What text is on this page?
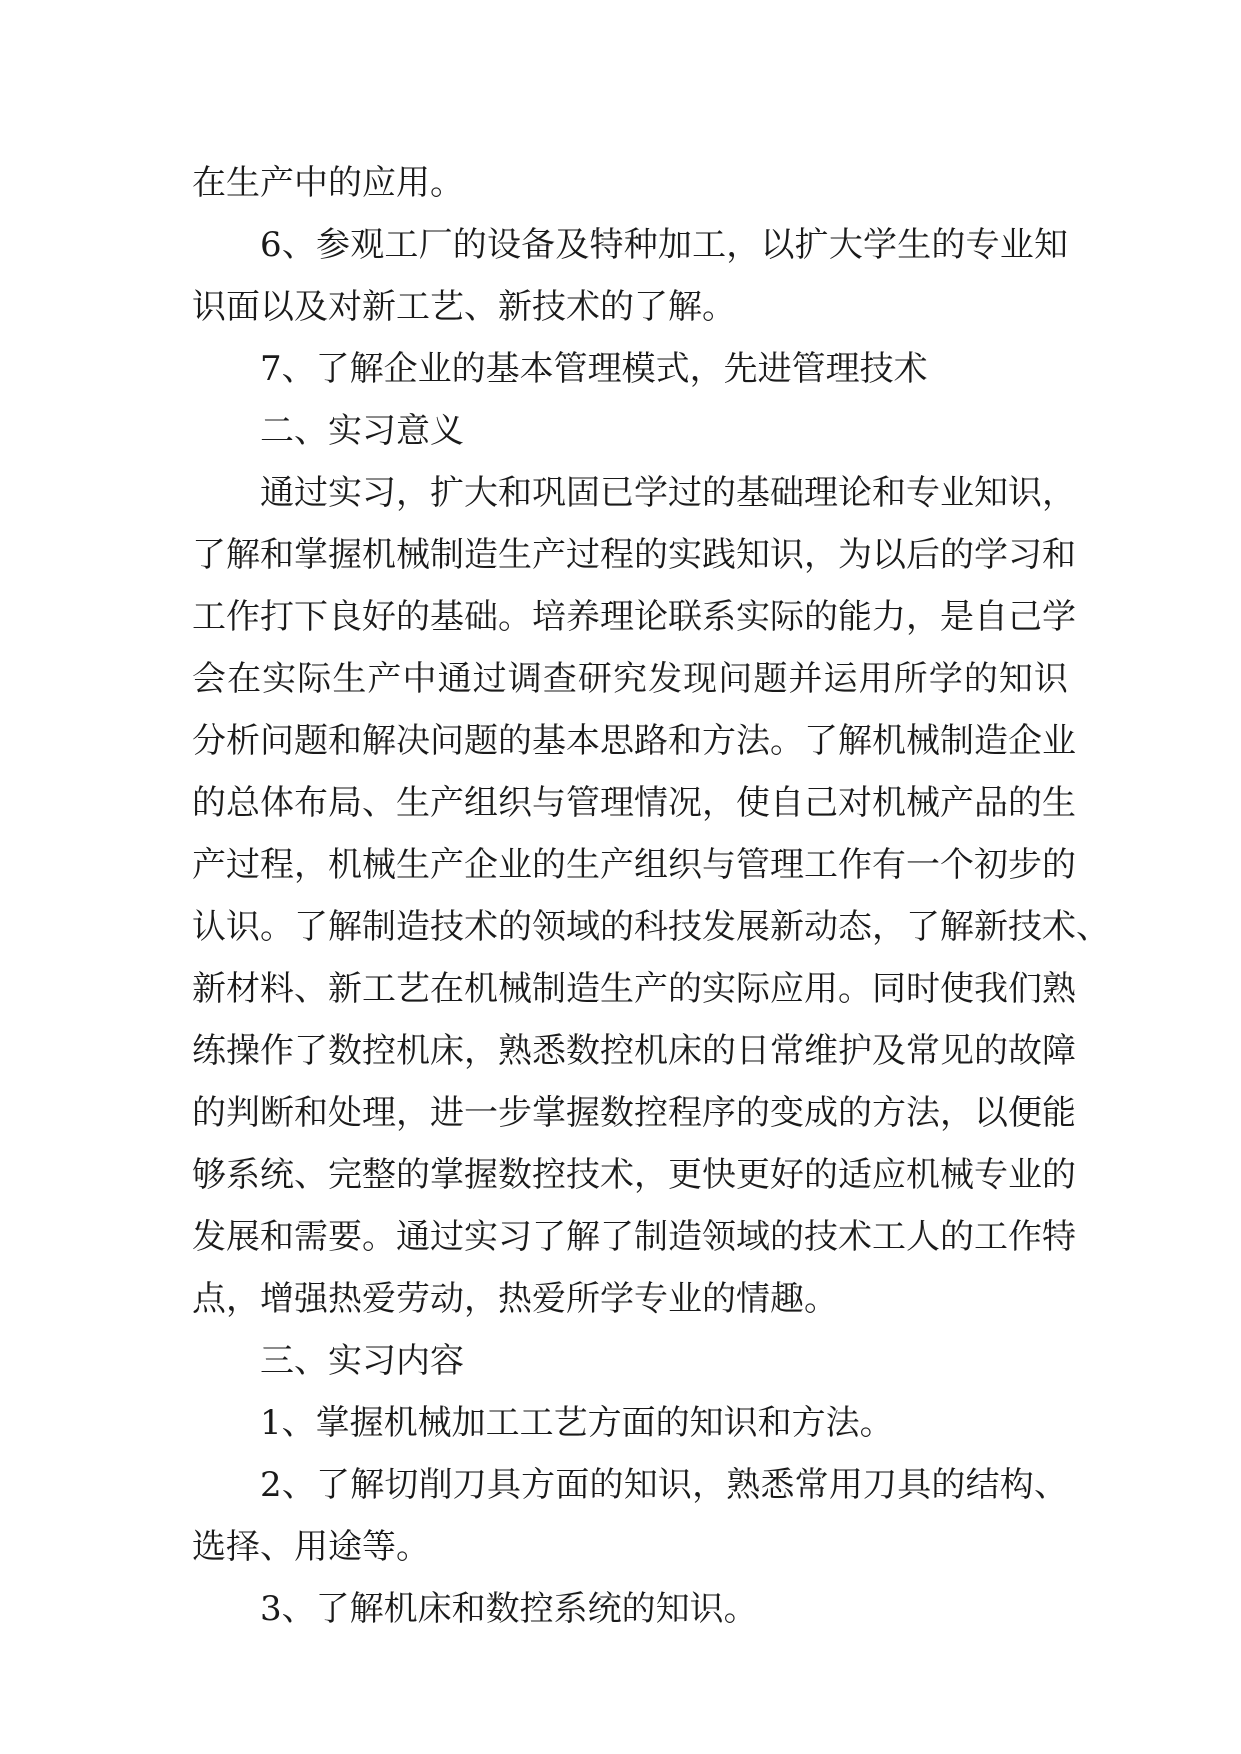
在生产中的应用。
6、参观工厂的设备及特种加工，以扩大学生的专业知
识面以及对新工艺、新技术的了解。
7、了解企业的基本管理模式，先进管理技术
二、实习意义
通过实习，扩大和巩固已学过的基础理论和专业知识，
了解和掌握机械制造生产过程的实践知识，为以后的学习和
工作打下良好的基础。培养理论联系实际的能力，是自己学
会在实际生产中通过调查研究发现问题并运用所学的知识
分析问题和解决问题的基本思路和方法。了解机械制造企业
的总体布局、生产组织与管理情况，使自己对机械产品的生
产过程，机械生产企业的生产组织与管理工作有一个初步的
认识。了解制造技术的领域的科技发展新动态，了解新技术、
新材料、新工艺在机械制造生产的实际应用。同时使我们熟
练操作了数控机床，熟悉数控机床的日常维护及常见的故障
的判断和处理，进一步掌握数控程序的变成的方法，以便能
够系统、完整的掌握数控技术，更快更好的适应机械专业的
发展和需要。通过实习了解了制造领域的技术工人的工作特
点，增强热爱劳动，热爱所学专业的情趣。
三、实习内容
1、掌握机械加工工艺方面的知识和方法。
2、了解切削刀具方面的知识，熟悉常用刀具的结构、
选择、用途等。
3、了解机床和数控系统的知识。
